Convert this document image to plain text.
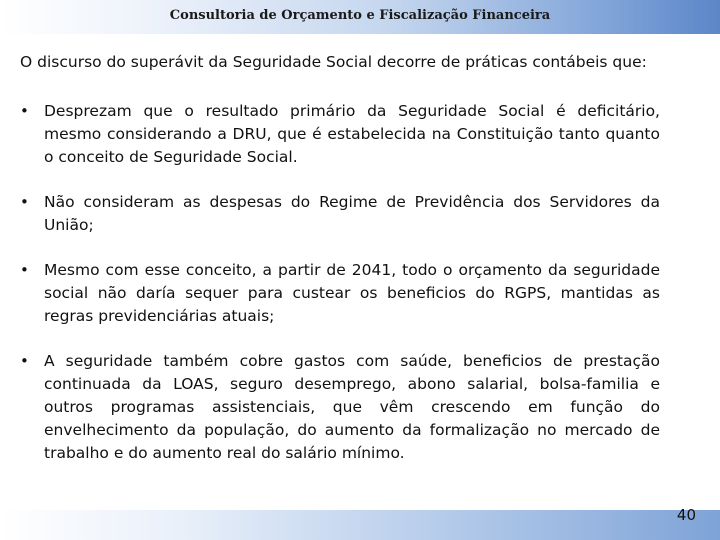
Consultoria de Orçamento e Fiscalização Financeira

O discurso do superávit da Seguridade Social decorre de práticas contábeis que:

• Desprezam que o resultado primário da Seguridade Social é deficitário, mesmo considerando a DRU, que é estabelecida na Constituição tanto quanto o conceito de Seguridade Social.
• Não consideram as despesas do Regime de Previdência dos Servidores da União;
• Mesmo com esse conceito, a partir de 2041, todo o orçamento da seguridade social não daría sequer para custear os beneficios do RGPS, mantidas as regras previdenciárias atuais;
• A seguridade também cobre gastos com saúde, beneficios de prestação continuada da LOAS, seguro desemprego, abono salarial, bolsa-familia e outros programas assistenciais, que vêm crescendo em função do envelhecimento da população, do aumento da formalização no mercado de trabalho e do aumento real do salário mínimo.
40
